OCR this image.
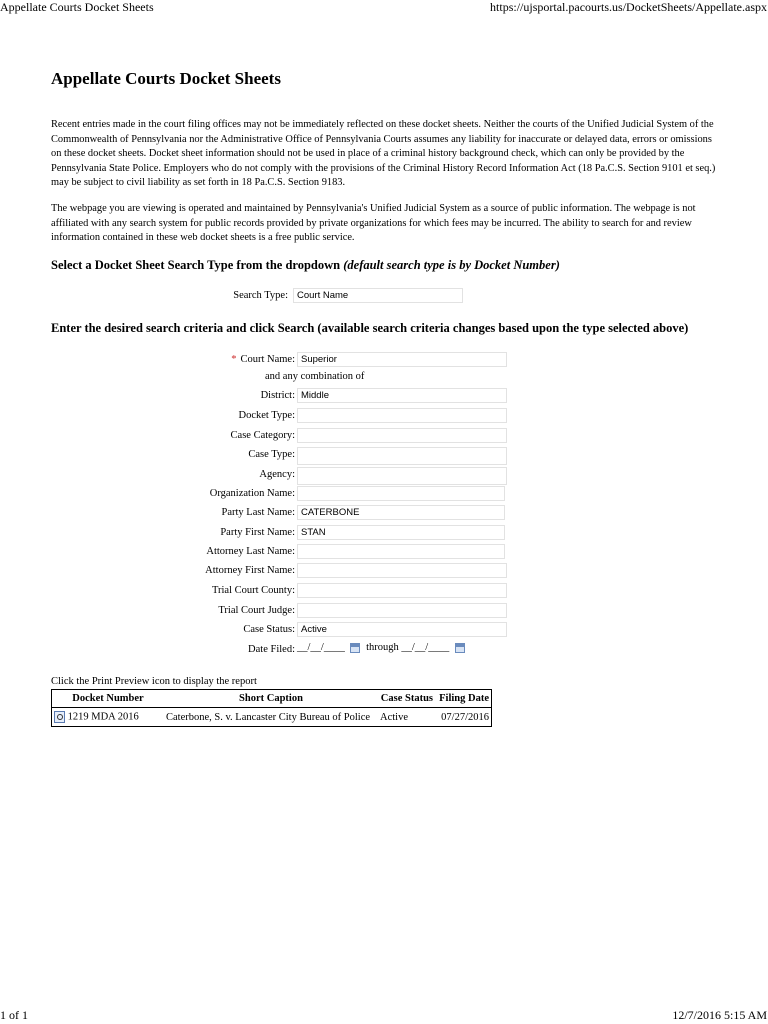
Appellate Courts Docket Sheets	https://ujsportal.pacourts.us/DocketSheets/Appellate.aspx
Appellate Courts Docket Sheets

Recent entries made in the court filing offices may not be immediately reflected on these docket sheets. Neither the courts of the Unified Judicial System of the Commonwealth of Pennsylvania nor the Administrative Office of Pennsylvania Courts assumes any liability for inaccurate or delayed data, errors or omissions on these docket sheets. Docket sheet information should not be used in place of a criminal history background check, which can only be provided by the Pennsylvania State Police. Employers who do not comply with the provisions of the Criminal History Record Information Act (18 Pa.C.S. Section 9101 et seq.) may be subject to civil liability as set forth in 18 Pa.C.S. Section 9183.

The webpage you are viewing is operated and maintained by Pennsylvania's Unified Judicial System as a source of public information. The webpage is not affiliated with any search system for public records provided by private organizations for which fees may be incurred. The ability to search for and review information contained in these web docket sheets is a free public service.

Select a Docket Sheet Search Type from the dropdown (default search type is by Docket Number)

Search Type: Court Name

Enter the desired search criteria and click Search (available search criteria changes based upon the type selected above)

* Court Name: Superior
and any combination of
District: Middle
Docket Type:
Case Category:
Case Type:
Agency:
Organization Name:
Party Last Name: CATERBONE
Party First Name: STAN
Attorney Last Name:
Attorney First Name:
Trial Court County:
Trial Court Judge:
Case Status: Active
Date Filed: __/__/____ through __/__/____

Click the Print Preview icon to display the report

Docket Number	Short Caption	Case Status	Filing Date
1219 MDA 2016	Caterbone, S. v. Lancaster City Bureau of Police	Active	07/27/2016
1 of 1	12/7/2016 5:15 AM
